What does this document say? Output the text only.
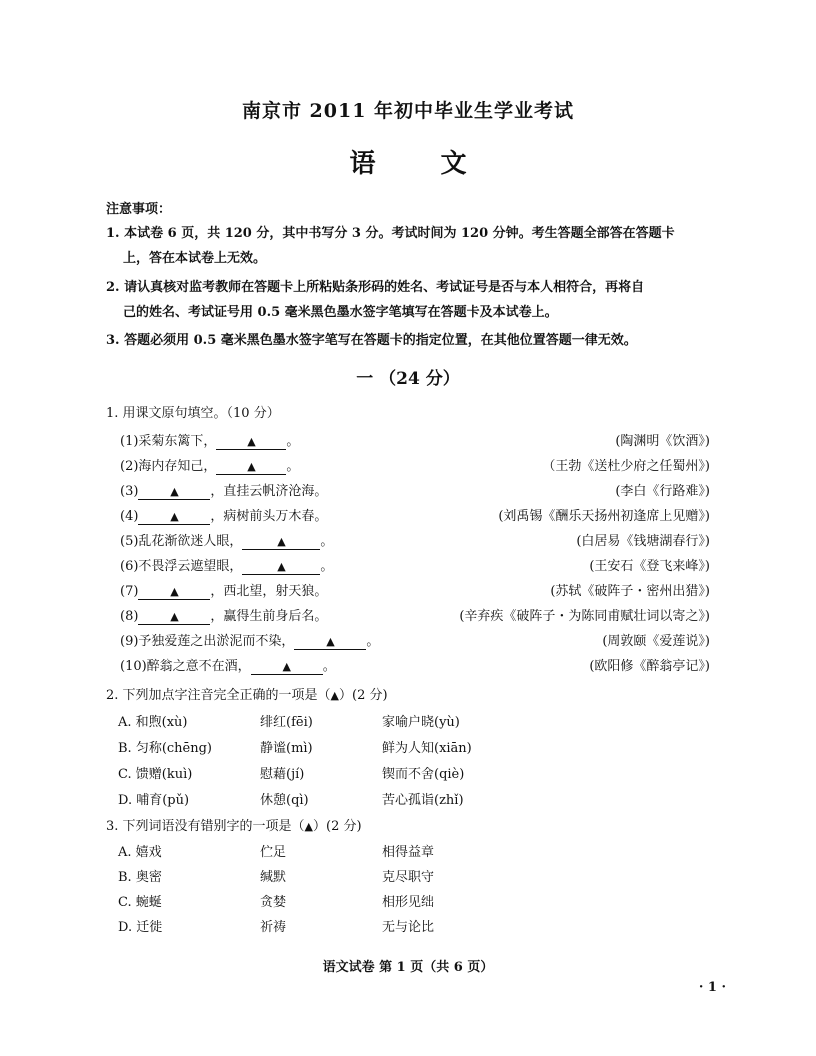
南京市 2011 年初中毕业生学业考试
语 文
注意事项：
1. 本试卷 6 页，共 120 分，其中书写分 3 分。考试时间为 120 分钟。考生答题全部答在答题卡
上，答在本试卷上无效。
2. 请认真核对监考教师在答题卡上所粘贴条形码的姓名、考试证号是否与本人相符合，再将自
己的姓名、考试证号用 0.5 毫米黑色墨水签字笔填写在答题卡及本试卷上。
3. 答题必须用 0.5 毫米黑色墨水签字笔写在答题卡的指定位置，在其他位置答题一律无效。
一 （24 分）
1. 用课文原句填空。（10 分）
(1)采菊东篱下，	▲ 。	(陶渊明《饮酒》)
(2)海内存知己，	▲ 。	（王勃《送杜少府之任蜀州》)
(3)	▲ ，直挂云帆济沧海。	(李白《行路难》)
(4)	▲ ，病树前头万木春。	(刘禹锡《酬乐天扬州初逢席上见赠》)
(5)乱花渐欲迷人眼，	▲	。	(白居易《钱塘湖春行》)
(6)不畏浮云遮望眼，	▲	。	(王安石《登飞来峰》)
(7)	▲ ，西北望，射天狼。	(苏轼《破阵子・密州出猎》)
(8)	▲ ，赢得生前身后名。	(辛弃疾《破阵子・为陈同甫赋壮词以寄之》)
(9)予独爱莲之出淤泥而不染，	▲ 。	(周敦颐《爱莲说》)
(10)醉翁之意不在酒，	▲ 。	(欧阳修《醉翁亭记》)
2. 下列加点字注音完全正确的一项是（▲）(2 分)
A. 和煦(xù)	绯红(fēi)	家喻户晓(yù)
B. 匀称(chēng)	静谧(mì)	鲜为人知(xiān)
C. 馈赠(kuì)	慰藉(jí)	锲而不舍(qiè)
D. 哺育(pǔ)	休憩(qì)	苦心孤诣(zhǐ)
3. 下列词语没有错别字的一项是（▲）(2 分)
A. 嬉戏	伫足	相得益章
B. 奥密	缄默	克尽职守
C. 蜿蜒	贪婪	相形见绌
D. 迁徙	祈祷	无与论比
语文试卷 第 1 页（共 6 页）
· 1 ·
